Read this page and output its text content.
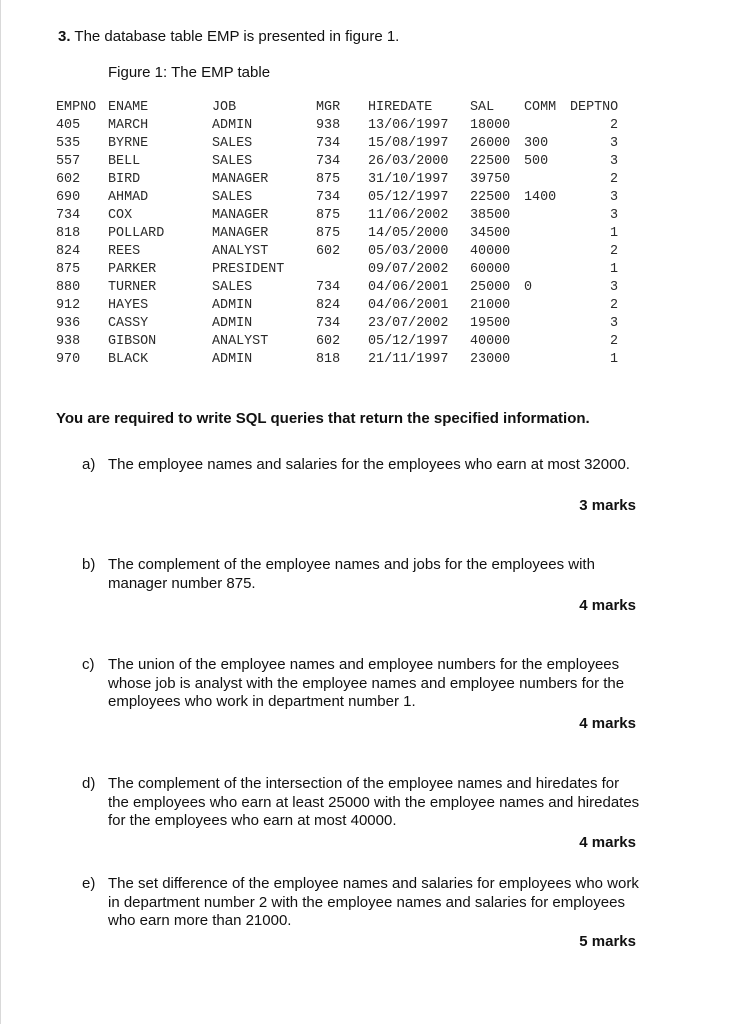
3. The database table EMP is presented in figure 1.
Figure 1: The EMP table
EMPNO	ENAME	JOB	MGR	HIREDATE	SAL	COMM	DEPTNO
405	MARCH	ADMIN	938	13/06/1997	18000		2
535	BYRNE	SALES	734	15/08/1997	26000	300	3
557	BELL	SALES	734	26/03/2000	22500	500	3
602	BIRD	MANAGER	875	31/10/1997	39750		2
690	AHMAD	SALES	734	05/12/1997	22500	1400	3
734	COX	MANAGER	875	11/06/2002	38500		3
818	POLLARD	MANAGER	875	14/05/2000	34500		1
824	REES	ANALYST	602	05/03/2000	40000		2
875	PARKER	PRESIDENT		09/07/2002	60000		1
880	TURNER	SALES	734	04/06/2001	25000	0	3
912	HAYES	ADMIN	824	04/06/2001	21000		2
936	CASSY	ADMIN	734	23/07/2002	19500		3
938	GIBSON	ANALYST	602	05/12/1997	40000		2
970	BLACK	ADMIN	818	21/11/1997	23000		1
You are required to write SQL queries that return the specified information.
a) The employee names and salaries for the employees who earn at most 32000.
3 marks
b) The complement of the employee names and jobs for the employees with manager number 875.
4 marks
c) The union of the employee names and employee numbers for the employees whose job is analyst with the employee names and employee numbers for the employees who work in department number 1.
4 marks
d) The complement of the intersection of the employee names and hiredates for the employees who earn at least 25000 with the employee names and hiredates for the employees who earn at most 40000.
4 marks
e) The set difference of the employee names and salaries for employees who work in department number 2 with the employee names and salaries for employees who earn more than 21000.
5 marks
